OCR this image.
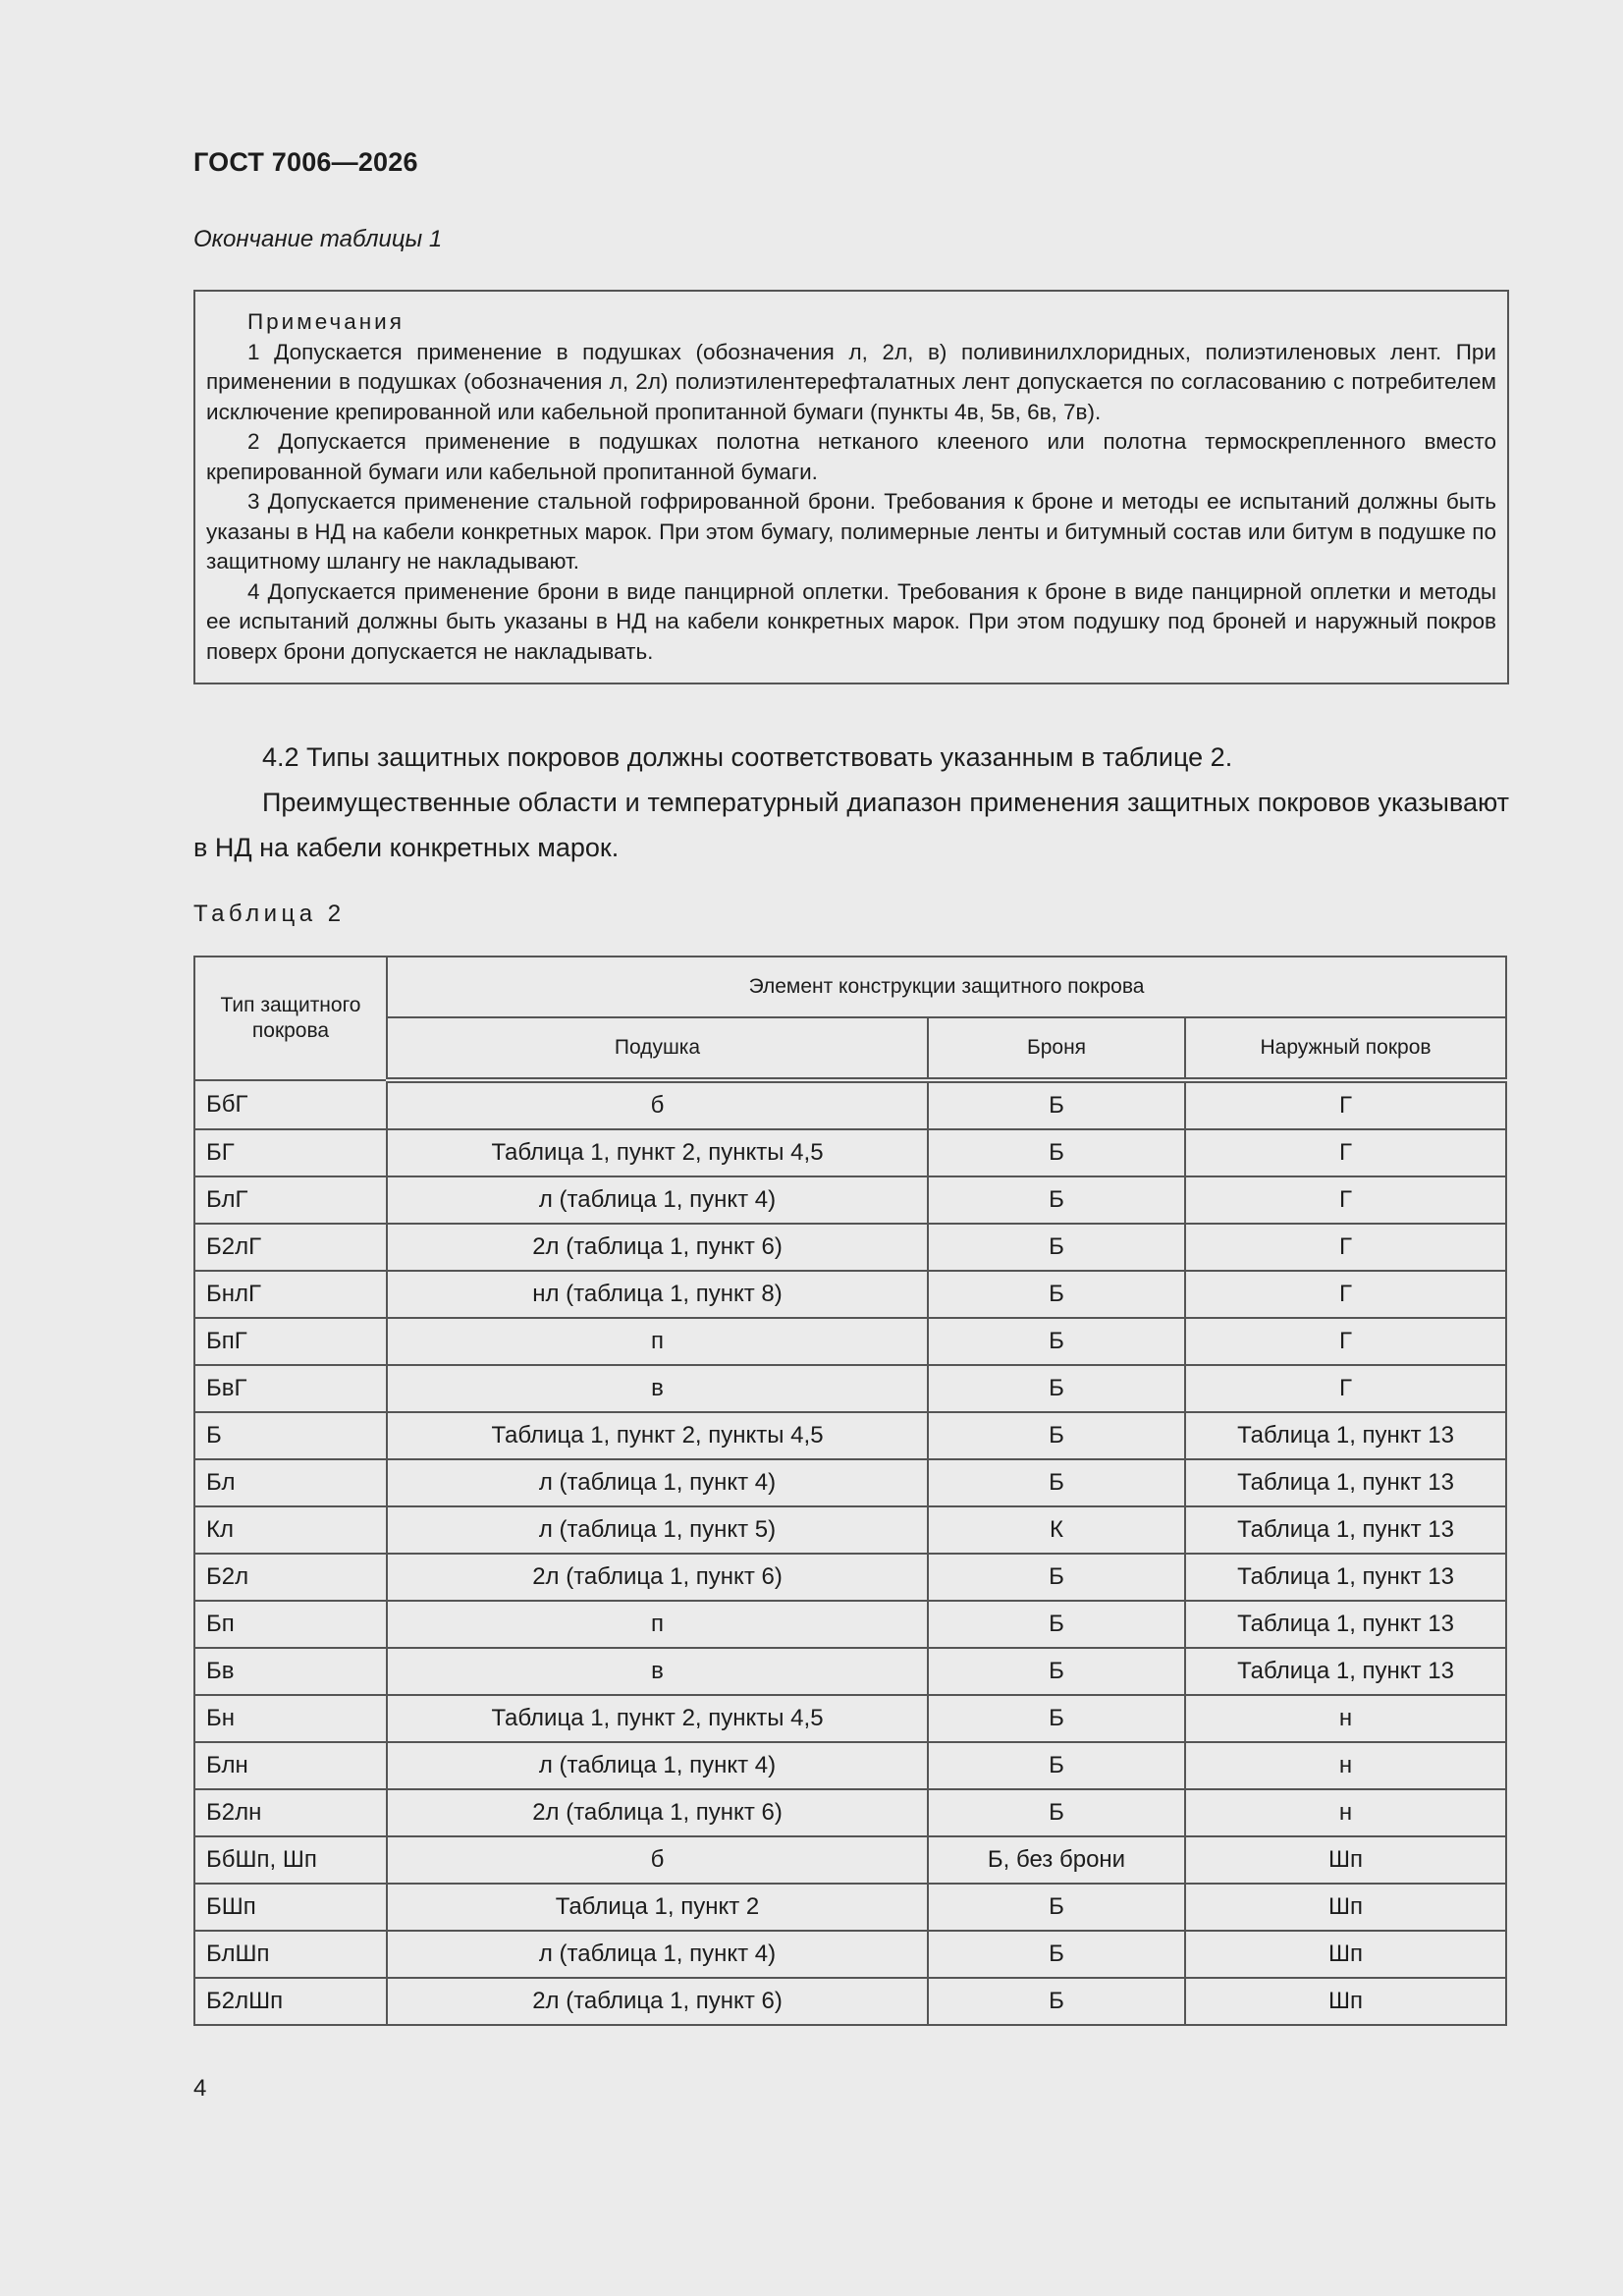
ГОСТ 7006—2026
Окончание таблицы 1
Примечания

1 Допускается применение в подушках (обозначения л, 2л, в) поливинилхлоридных, полиэтиленовых лент. При применении в подушках (обозначения л, 2л) полиэтилентерефталатных лент допускается по согласованию с потребителем исключение крепированной или кабельной пропитанной бумаги (пункты 4в, 5в, 6в, 7в).

2 Допускается применение в подушках полотна нетканого клееного или полотна термоскрепленного вместо крепированной бумаги или кабельной пропитанной бумаги.

3 Допускается применение стальной гофрированной брони. Требования к броне и методы ее испытаний должны быть указаны в НД на кабели конкретных марок. При этом бумагу, полимерные ленты и битумный состав или битум в подушке по защитному шлангу не накладывают.

4 Допускается применение брони в виде панцирной оплетки. Требования к броне в виде панцирной оплетки и методы ее испытаний должны быть указаны в НД на кабели конкретных марок. При этом подушку под броней и наружный покров поверх брони допускается не накладывать.

4.2 Типы защитных покровов должны соответствовать указанным в таблице 2.

Преимущественные области и температурный диапазон применения защитных покровов указывают в НД на кабели конкретных марок.

Таблица 2
Тип защитного покрова	Элемент конструкции защитного покрова		
	Подушка	Броня	Наружный покров
БбГ	б	Б	Г
БГ	Таблица 1, пункт 2, пункты 4,5	Б	Г
БлГ	л (таблица 1, пункт 4)	Б	Г
Б2лГ	2л (таблица 1, пункт 6)	Б	Г
БнлГ	нл (таблица 1, пункт 8)	Б	Г
БпГ	п	Б	Г
БвГ	в	Б	Г
Б	Таблица 1, пункт 2, пункты 4,5	Б	Таблица 1, пункт 13
Бл	л (таблица 1, пункт 4)	Б	Таблица 1, пункт 13
Кл	л (таблица 1, пункт 5)	К	Таблица 1, пункт 13
Б2л	2л (таблица 1, пункт 6)	Б	Таблица 1, пункт 13
Бп	п	Б	Таблица 1, пункт 13
Бв	в	Б	Таблица 1, пункт 13
Бн	Таблица 1, пункт 2, пункты 4,5	Б	н
Блн	л (таблица 1, пункт 4)	Б	н
Б2лн	2л (таблица 1, пункт 6)	Б	н
БбШп, Шп	б	Б, без брони	Шп
БШп	Таблица 1, пункт 2	Б	Шп
БлШп	л (таблица 1, пункт 4)	Б	Шп
Б2лШп	2л (таблица 1, пункт 6)	Б	Шп
4
